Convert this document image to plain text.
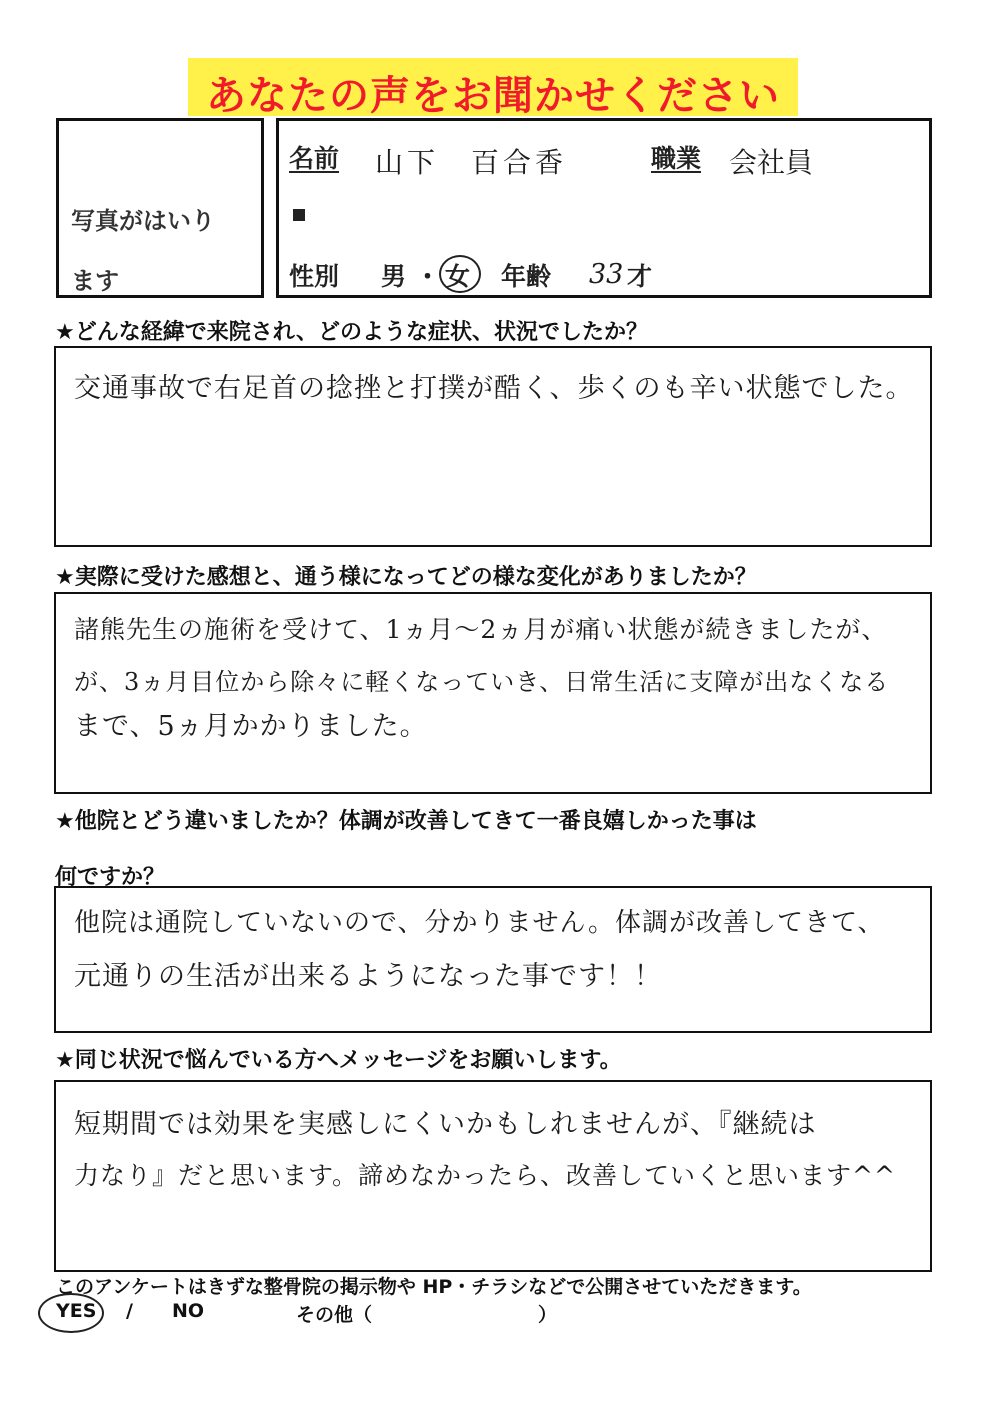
あなたの声をお聞かせください
写真がはいり
ます
名前 山下　百合香	職業 会社員
性別 男 ・ 女 年齢 33 才
★どんな経緯で来院され、どのような症状、状況でしたか？
交通事故で右足首の捻挫と打撲が酷く、歩くのも辛い状態でした。
★実際に受けた感想と、通う様になってどの様な変化がありましたか？
諸熊先生の施術を受けて、1ヵ月～2ヵ月が痛い状態が続きましたが、
が、3ヵ月目位から除々に軽くなっていき、日常生活に支障が出なくなる
まで、5ヵ月かかりました。
★他院とどう違いましたか？体調が改善してきて一番良嬉しかった事は
何ですか？
他院は通院していないので、分かりません。体調が改善してきて、
元通りの生活が出来るようになった事です！！
★同じ状況で悩んでいる方へメッセージをお願いします。
短期間では効果を実感しにくいかもしれませんが、『継続は
力なり』だと思います。諦めなかったら、改善していくと思います^^
このアンケートはきずな整骨院の掲示物や HP・チラシなどで公開させていただきます。
YES / NO	その他（	）
